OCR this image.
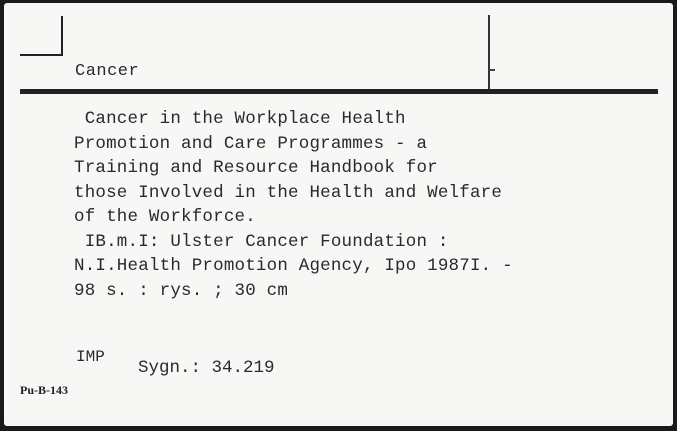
Cancer
Cancer in the Workplace Health
Promotion and Care Programmes - a
Training and Resource Handbook for
those Involved in the Health and Welfare
of the Workforce.
IB.m.I: Ulster Cancer Foundation :
N.I.Health Promotion Agency, Ipo 1987I. -
98 s. : rys. ; 30 cm
IMP
Sygn.: 34.219
Pu-B-143
